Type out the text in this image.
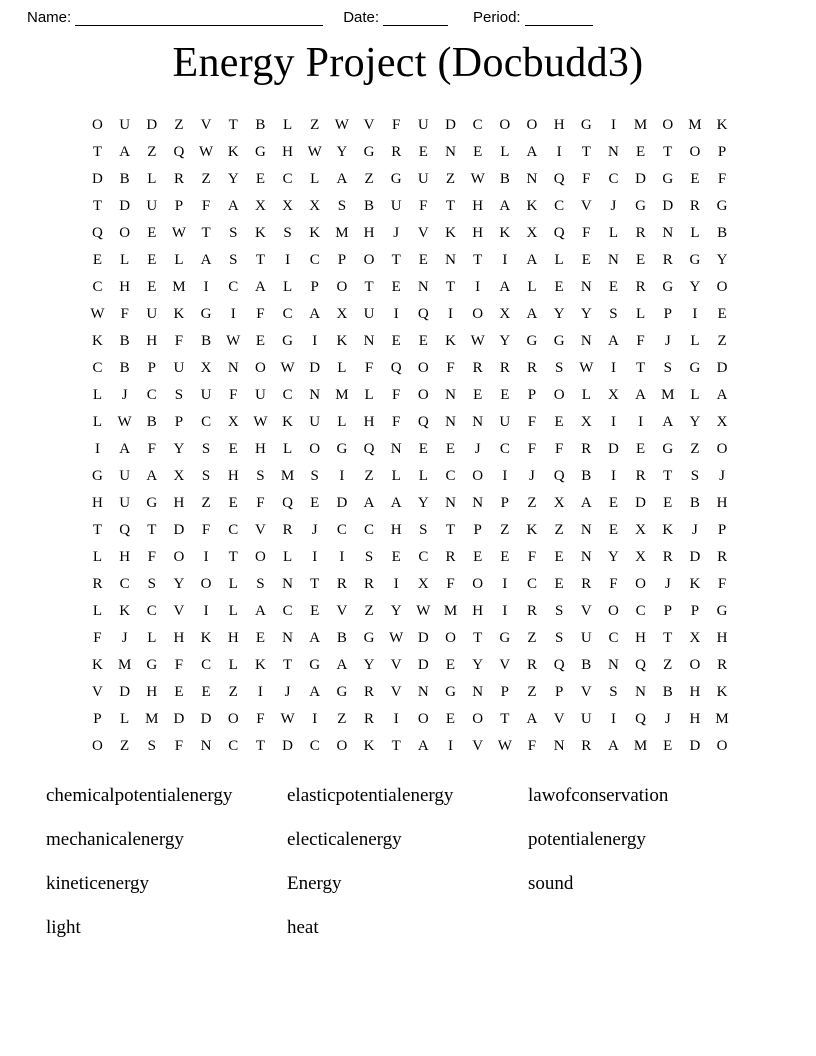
Name:	Date:	Period:
Energy Project (Docbudd3)
O	U	D	Z	V	T	B	L	Z	W V	F	U	D	C	O	O	H	G	I	M O M K
T	A	Z	Q W K	G	H W Y	G	R	E	N	E	L	A	I	T	N	E	T	O	P
D	B	L	R	Z	Y	E	C	L	A	Z	G	U	Z	W B	N	Q	F	C	D	G	E	F
T	D	U	P	F	A	X	X	X	S	B	U	F	T	H	A	K	C	V	J	G	D	R	G
Q	O	E	W	T	S	K	S	K M H	J	V	K	H	K	X	Q	F	L	R	N	L	B
E	L	E	L	A	S	T	I	C	P	O	T	E	N	T	I	A	L	E	N	E	R	G	Y
C	H	E	M	I	C	A	L	P	O	T	E	N	T	I	A	L	E	N	E	R	G	Y	O
W	F	U	K	G	I	F	C	A	X	U	I	Q	I	O	X	A	Y	Y	S	L	P	I	E
K	B	H	F	B W	E	G	I	K	N	E	E	K W Y	G	G	N	A	F	J	L	Z
C	B	P	U	X	N	O W D	L	F	Q	O	F	R	R	R	S	W	I	T	S	G	D
L	J	C	S	U	F	U	C	N M	L	F	O	N	E	E	P	O	L	X	A M	L	A
L	W B	P	C	X W K	U	L	H	F	Q	N	N	U	F	E	X	I	I	A	Y	X
I	A	F	Y	S	E	H	L	O	G	Q	N	E	E	J	C	F	F	R	D	E	G	Z	O
G	U	A	X	S	H	S	M	S	I	Z	L	L	C	O	I	J	Q	B	I	R	T	S	J
H	U	G	H	Z	E	F	Q	E	D	A	A	Y	N	N	P	Z	X	A	E	D	E	B	H
T	Q	T	D	F	C	V	R	J	C	C	H	S	T	P	Z	K	Z	N	E	X	K	J	P
L	H	F	O	I	T	O	L	I	I	S	E	C	R	E	E	F	E	N	Y	X	R	D	R
R	C	S	Y	O	L	S	N	T	R	R	I	X	F	O	I	C	E	R	F	O	J	K	F
L	K	C	V	I	L	A	C	E	V	Z	Y W M H	I	R	S	V	O	C	P	P	G
F	J	L	H	K	H	E	N	A	B	G W D	O	T	G	Z	S	U	C	H	T	X	H
K M G	F	C	L	K	T	G	A	Y	V	D	E	Y	V	R	Q	B	N	Q	Z	O	R
V	D	H	E	E	Z	I	J	A	G	R	V	N	G	N	P	Z	P	V	S	N	B	H	K
P	L	M D	D	O	F	W	I	Z	R	I	O	E	O	T	A	V	U	I	Q	J	H M
O	Z	S	F	N	C	T	D	C	O	K	T	A	I	V W	F	N	R	A M	E	D	O
chemicalpotentialenergy	elasticpotentialenergy	lawofconservation
mechanicalenergy	electicalenergy	potentialenergy
kineticenergy	Energy	sound
light	heat
